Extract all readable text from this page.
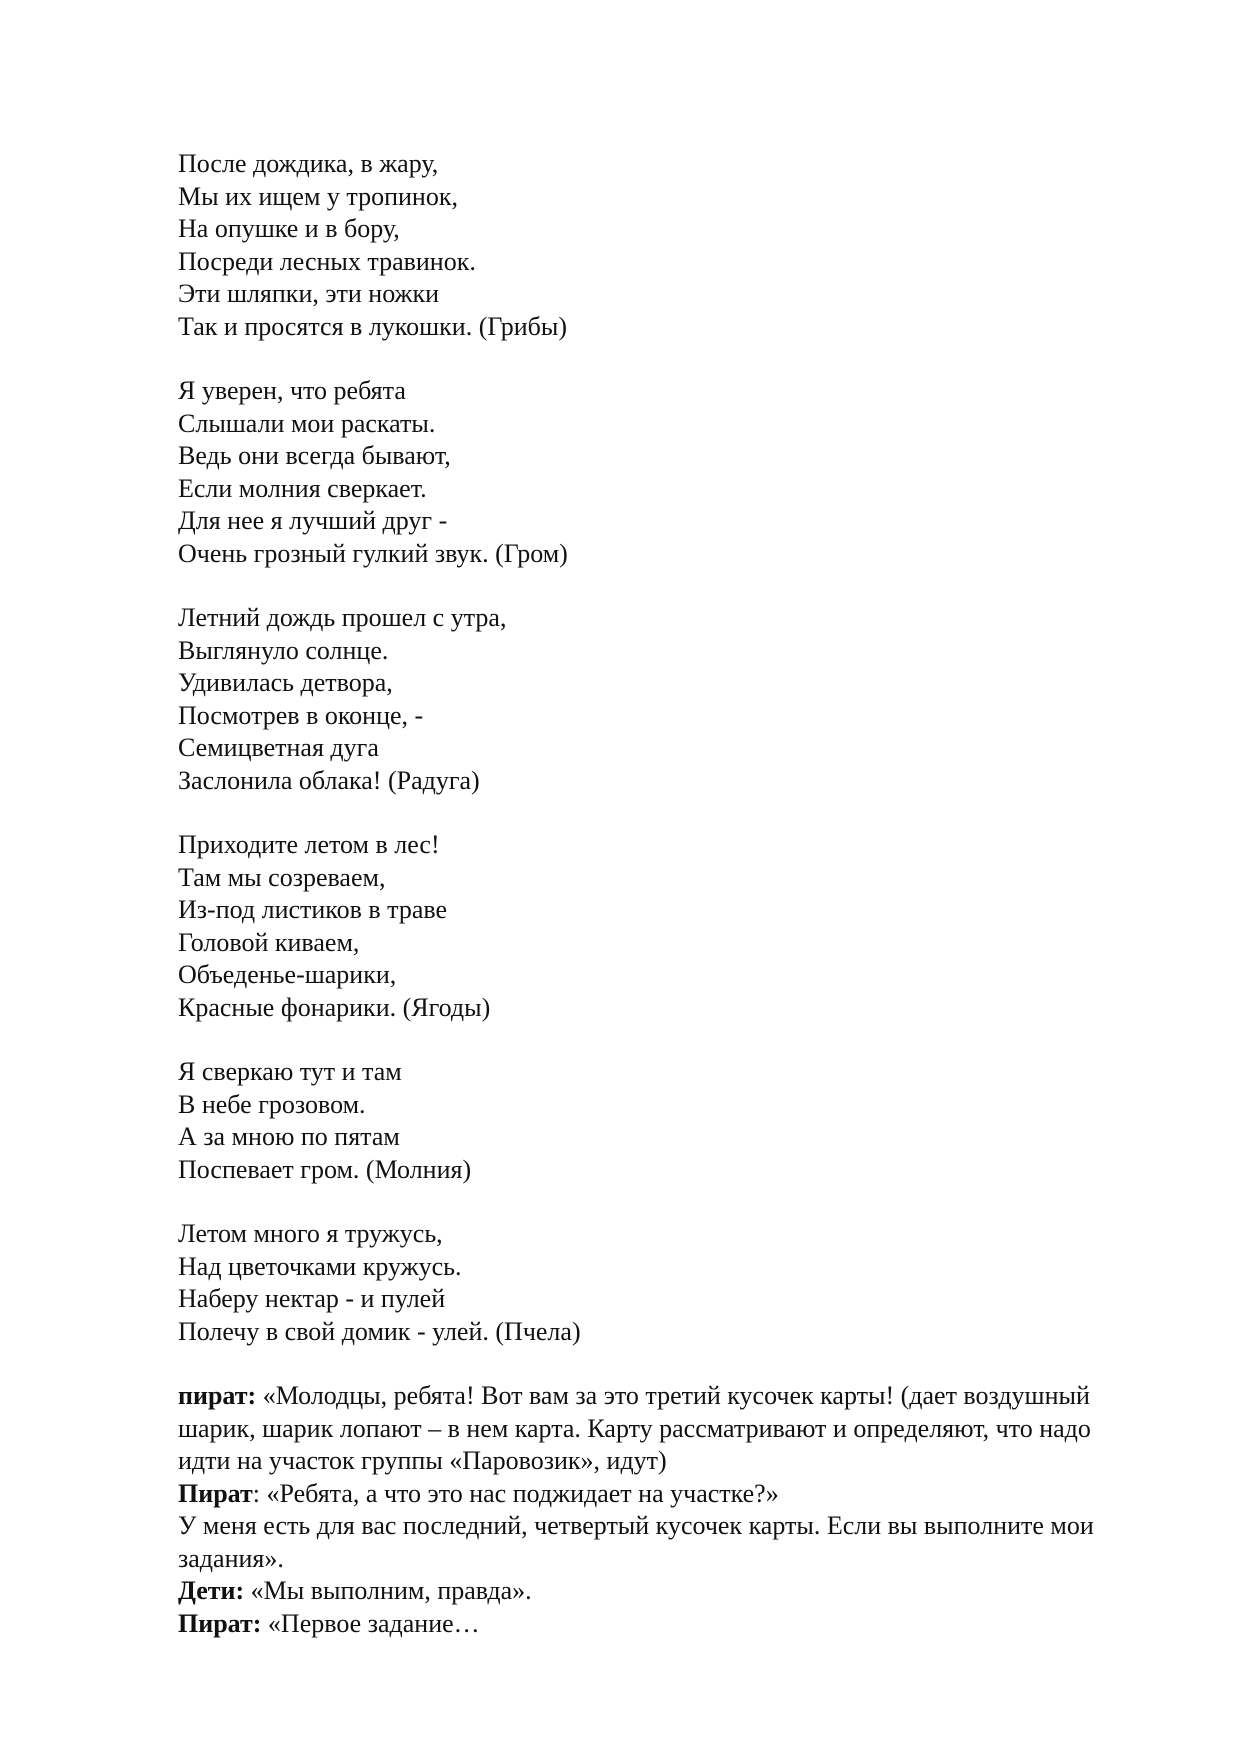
После дождика, в жару,
Мы их ищем у тропинок,
На опушке и в бору,
Посреди лесных травинок.
Эти шляпки, эти ножки
Так и просятся в лукошки. (Грибы)
Я уверен, что ребята
Слышали мои раскаты.
Ведь они всегда бывают,
Если молния сверкает.
Для нее я лучший друг -
Очень грозный гулкий звук. (Гром)
Летний дождь прошел с утра,
Выглянуло солнце.
Удивилась детвора,
Посмотрев в оконце, -
Семицветная дуга
Заслонила облака! (Радуга)
Приходите летом в лес!
Там мы созреваем,
Из-под листиков в траве
Головой киваем,
Объеденье-шарики,
Красные фонарики. (Ягоды)
Я сверкаю тут и там
В небе грозовом.
А за мною по пятам
Поспевает гром. (Молния)
Летом много я тружусь,
Над цветочками кружусь.
Наберу нектар - и пулей
Полечу в свой домик - улей. (Пчела)
пират: «Молодцы, ребята! Вот вам за это третий кусочек карты! (дает воздушный шарик, шарик лопают – в нем карта. Карту рассматривают и определяют, что надо идти на участок группы «Паровозик», идут)
Пират: «Ребята, а что это нас поджидает на участке?»
У меня есть для вас последний, четвертый кусочек карты. Если вы выполните мои задания».
Дети: «Мы выполним, правда».
Пират: «Первое задание…
